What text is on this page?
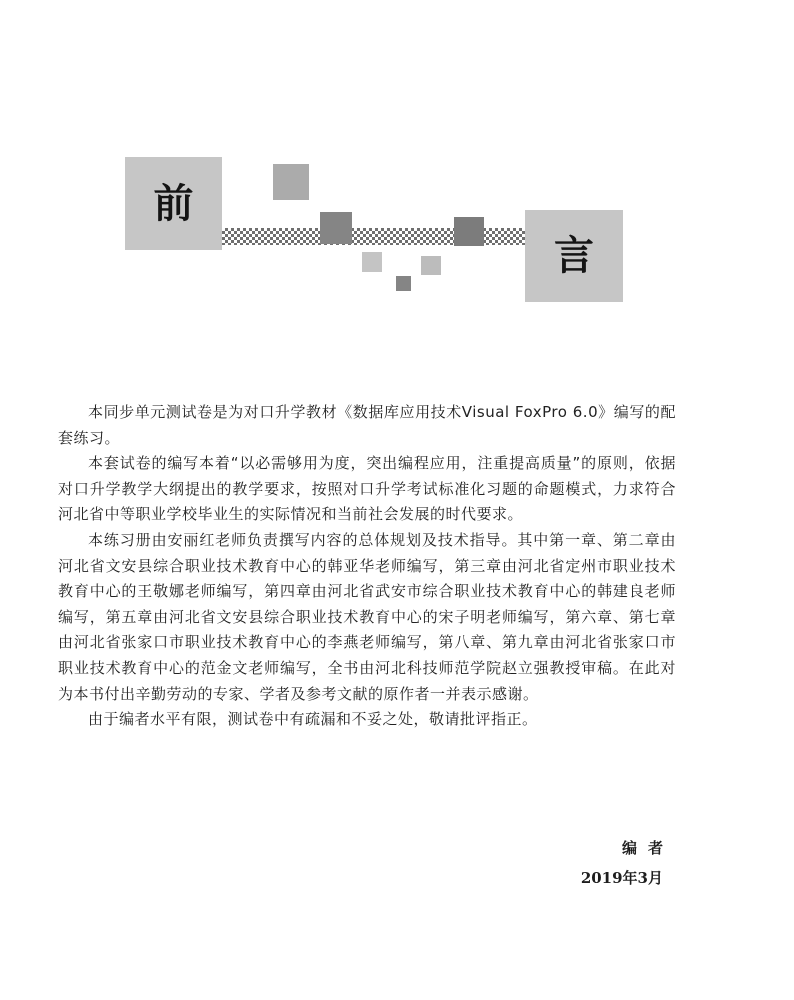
前
言

本同步单元测试卷是为对口升学教材《数据库应用技术Visual FoxPro 6.0》编写的配套练习。

本套试卷的编写本着“以必需够用为度，突出编程应用，注重提高质量”的原则，依据对口升学教学大纲提出的教学要求，按照对口升学考试标准化习题的命题模式，力求符合河北省中等职业学校毕业生的实际情况和当前社会发展的时代要求。

本练习册由安丽红老师负责撰写内容的总体规划及技术指导。其中第一章、第二章由河北省文安县综合职业技术教育中心的韩亚华老师编写，第三章由河北省定州市职业技术教育中心的王敬娜老师编写，第四章由河北省武安市综合职业技术教育中心的韩建良老师编写，第五章由河北省文安县综合职业技术教育中心的宋子明老师编写，第六章、第七章由河北省张家口市职业技术教育中心的李燕老师编写，第八章、第九章由河北省张家口市职业技术教育中心的范金文老师编写，全书由河北科技师范学院赵立强教授审稿。在此对为本书付出辛勤劳动的专家、学者及参考文献的原作者一并表示感谢。

由于编者水平有限，测试卷中有疏漏和不妥之处，敬请批评指正。

编者
2019年3月
